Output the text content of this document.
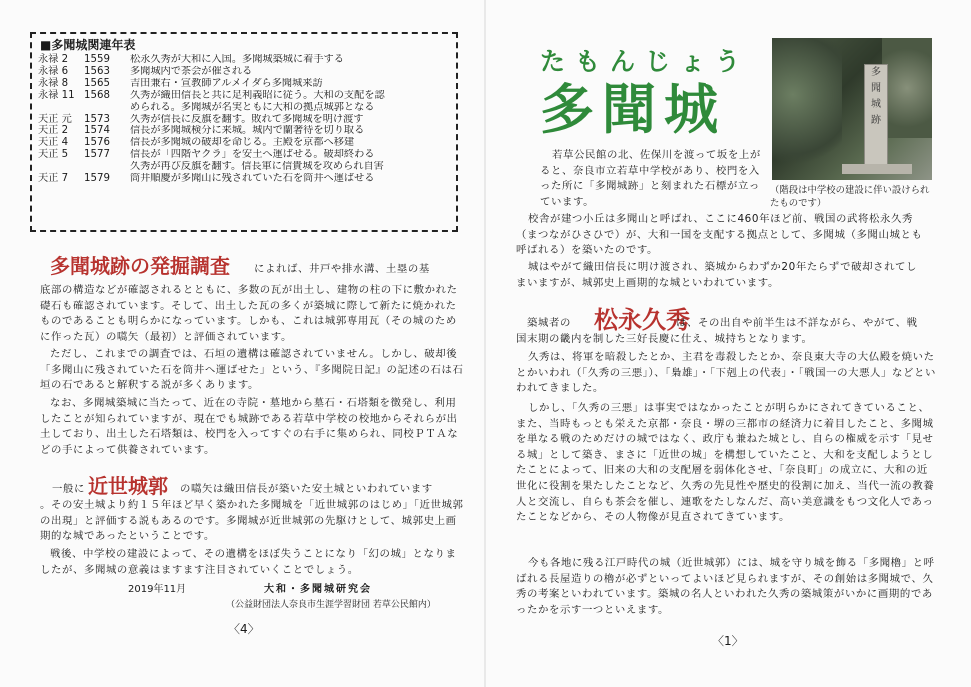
■多聞城関連年表
永禄 2	1559	松永久秀が大和に入国。多聞城築城に着手する
永禄 6	1563	多聞城内で茶会が催される
永禄 8	1565	吉田兼右・宣教師アルメイダら多聞城来訪
永禄 11 1568	久秀が織田信長と共に足利義昭に従う。大和の支配を認
められる。多聞城が名実ともに大和の拠点城郭となる
天正 元	1573	久秀が信長に反旗を翻す。敗れて多聞城を明け渡す
天正 2	1574	信長が多聞城検分に来城。城内で蘭奢待を切り取る
天正 4	1576	信長が多聞城の破却を命じる。主殿を京都へ移建
天正 5	1577	信長が「四階ヤクラ」を安土へ運ばせる。破却終わる
久秀が再び反旗を翻す。信長軍に信貴城を攻められ自害
天正 7	1579	筒井順慶が多聞山に残されていた石を筒井へ運ばせる
多聞城跡の発掘調査 によれば、井戸や排水溝、土塁の基
底部の構造などが確認されるとともに、多数の瓦が出土し、建物の柱の下に敷かれた礎石も確認されています。そして、出土した瓦の多くが築城に際して新たに焼かれたものであることも明らかになっています。しかも、これは城郭専用瓦（その城のために作った瓦）の嚆矢（最初）と評価されています。
ただし、これまでの調査では、石垣の遺構は確認されていません。しかし、破却後「多聞山に残されていた石を筒井へ運ばせた」という、『多聞院日記』の記述の石は石垣の石であると解釈する説が多くあります。
なお、多聞城築城に当たって、近在の寺院・墓地から墓石・石塔類を徴発し、利用したことが知られていますが、現在でも城跡である若草中学校の校地からそれらが出土しており、出土した石塔類は、校門を入ってすぐの右手に集められ、同校ＰＴＡなどの手によって供養されています。
一般に 近世城郭 の嚆矢は織田信長が築いた安土城といわれています
。その安土城より約１５年ほど早く築かれた多聞城を「近世城郭のはじめ」「近世城郭の出現」と評価する説もあるのです。多聞城が近世城郭の先駆けとして、城郭史上画期的な城であったということです。
戦後、中学校の建設によって、その遺構をほぼ失うことになり「幻の城」となりましたが、多聞城の意義はますます注目されていくことでしょう。
2019年11月	大和・多聞城研究会
（公益財団法人奈良市生涯学習財団 若草公民館内）
〈4〉
たもんじょう
多聞城
多
聞
城
跡
（階段は中学校の建設に伴い設けられたものです）
若草公民館の北、佐保川を渡って坂を上がると、奈良市立若草中学校があり、校門を入った所に「多聞城跡」と刻まれた石標が立っています。
校舎が建つ小丘は多聞山と呼ばれ、ここに460年ほど前、戦国の武将松永久秀（まつながひさひで）が、大和一国を支配する拠点として、多聞城（多聞山城とも呼ばれる）を築いたのです。
城はやがて織田信長に明け渡され、築城からわずか20年たらずで破却されてしまいますが、城郭史上画期的な城といわれています。
築城者の 松永久秀
は、その出自や前半生は不詳ながら、やがて、戦
国末期の畿内を制した三好長慶に仕え、城持ちとなります。
久秀は、将軍を暗殺したとか、主君を毒殺したとか、奈良東大寺の大仏殿を焼いたとかいわれ（「久秀の三悪」）、「梟雄」・「下剋上の代表」・「戦国一の大悪人」などといわれてきました。
しかし、「久秀の三悪」は事実ではなかったことが明らかにされてきていること、また、当時もっとも栄えた京都・奈良・堺の三都市の経済力に着目したこと、多聞城を単なる戦のためだけの城ではなく、政庁も兼ねた城とし、自らの権威を示す「見せる城」として築き、まさに「近世の城」を構想していたこと、大和を支配しようとしたことによって、旧来の大和の支配層を弱体化させ、「奈良町」の成立に、大和の近世化に役割を果たしたことなど、久秀の先見性や歴史的役割に加え、当代一流の教養人と交流し、自らも茶会を催し、連歌をたしなんだ、高い美意識をもつ文化人であったことなどから、その人物像が見直されてきています。
今も各地に残る江戸時代の城（近世城郭）には、城を守り城を飾る「多聞櫓」と呼ばれる長屋造りの櫓が必ずといってよいほど見られますが、その創始は多聞城で、久秀の考案といわれています。築城の名人といわれた久秀の築城策がいかに画期的であったかを示す一つといえます。
〈1〉
